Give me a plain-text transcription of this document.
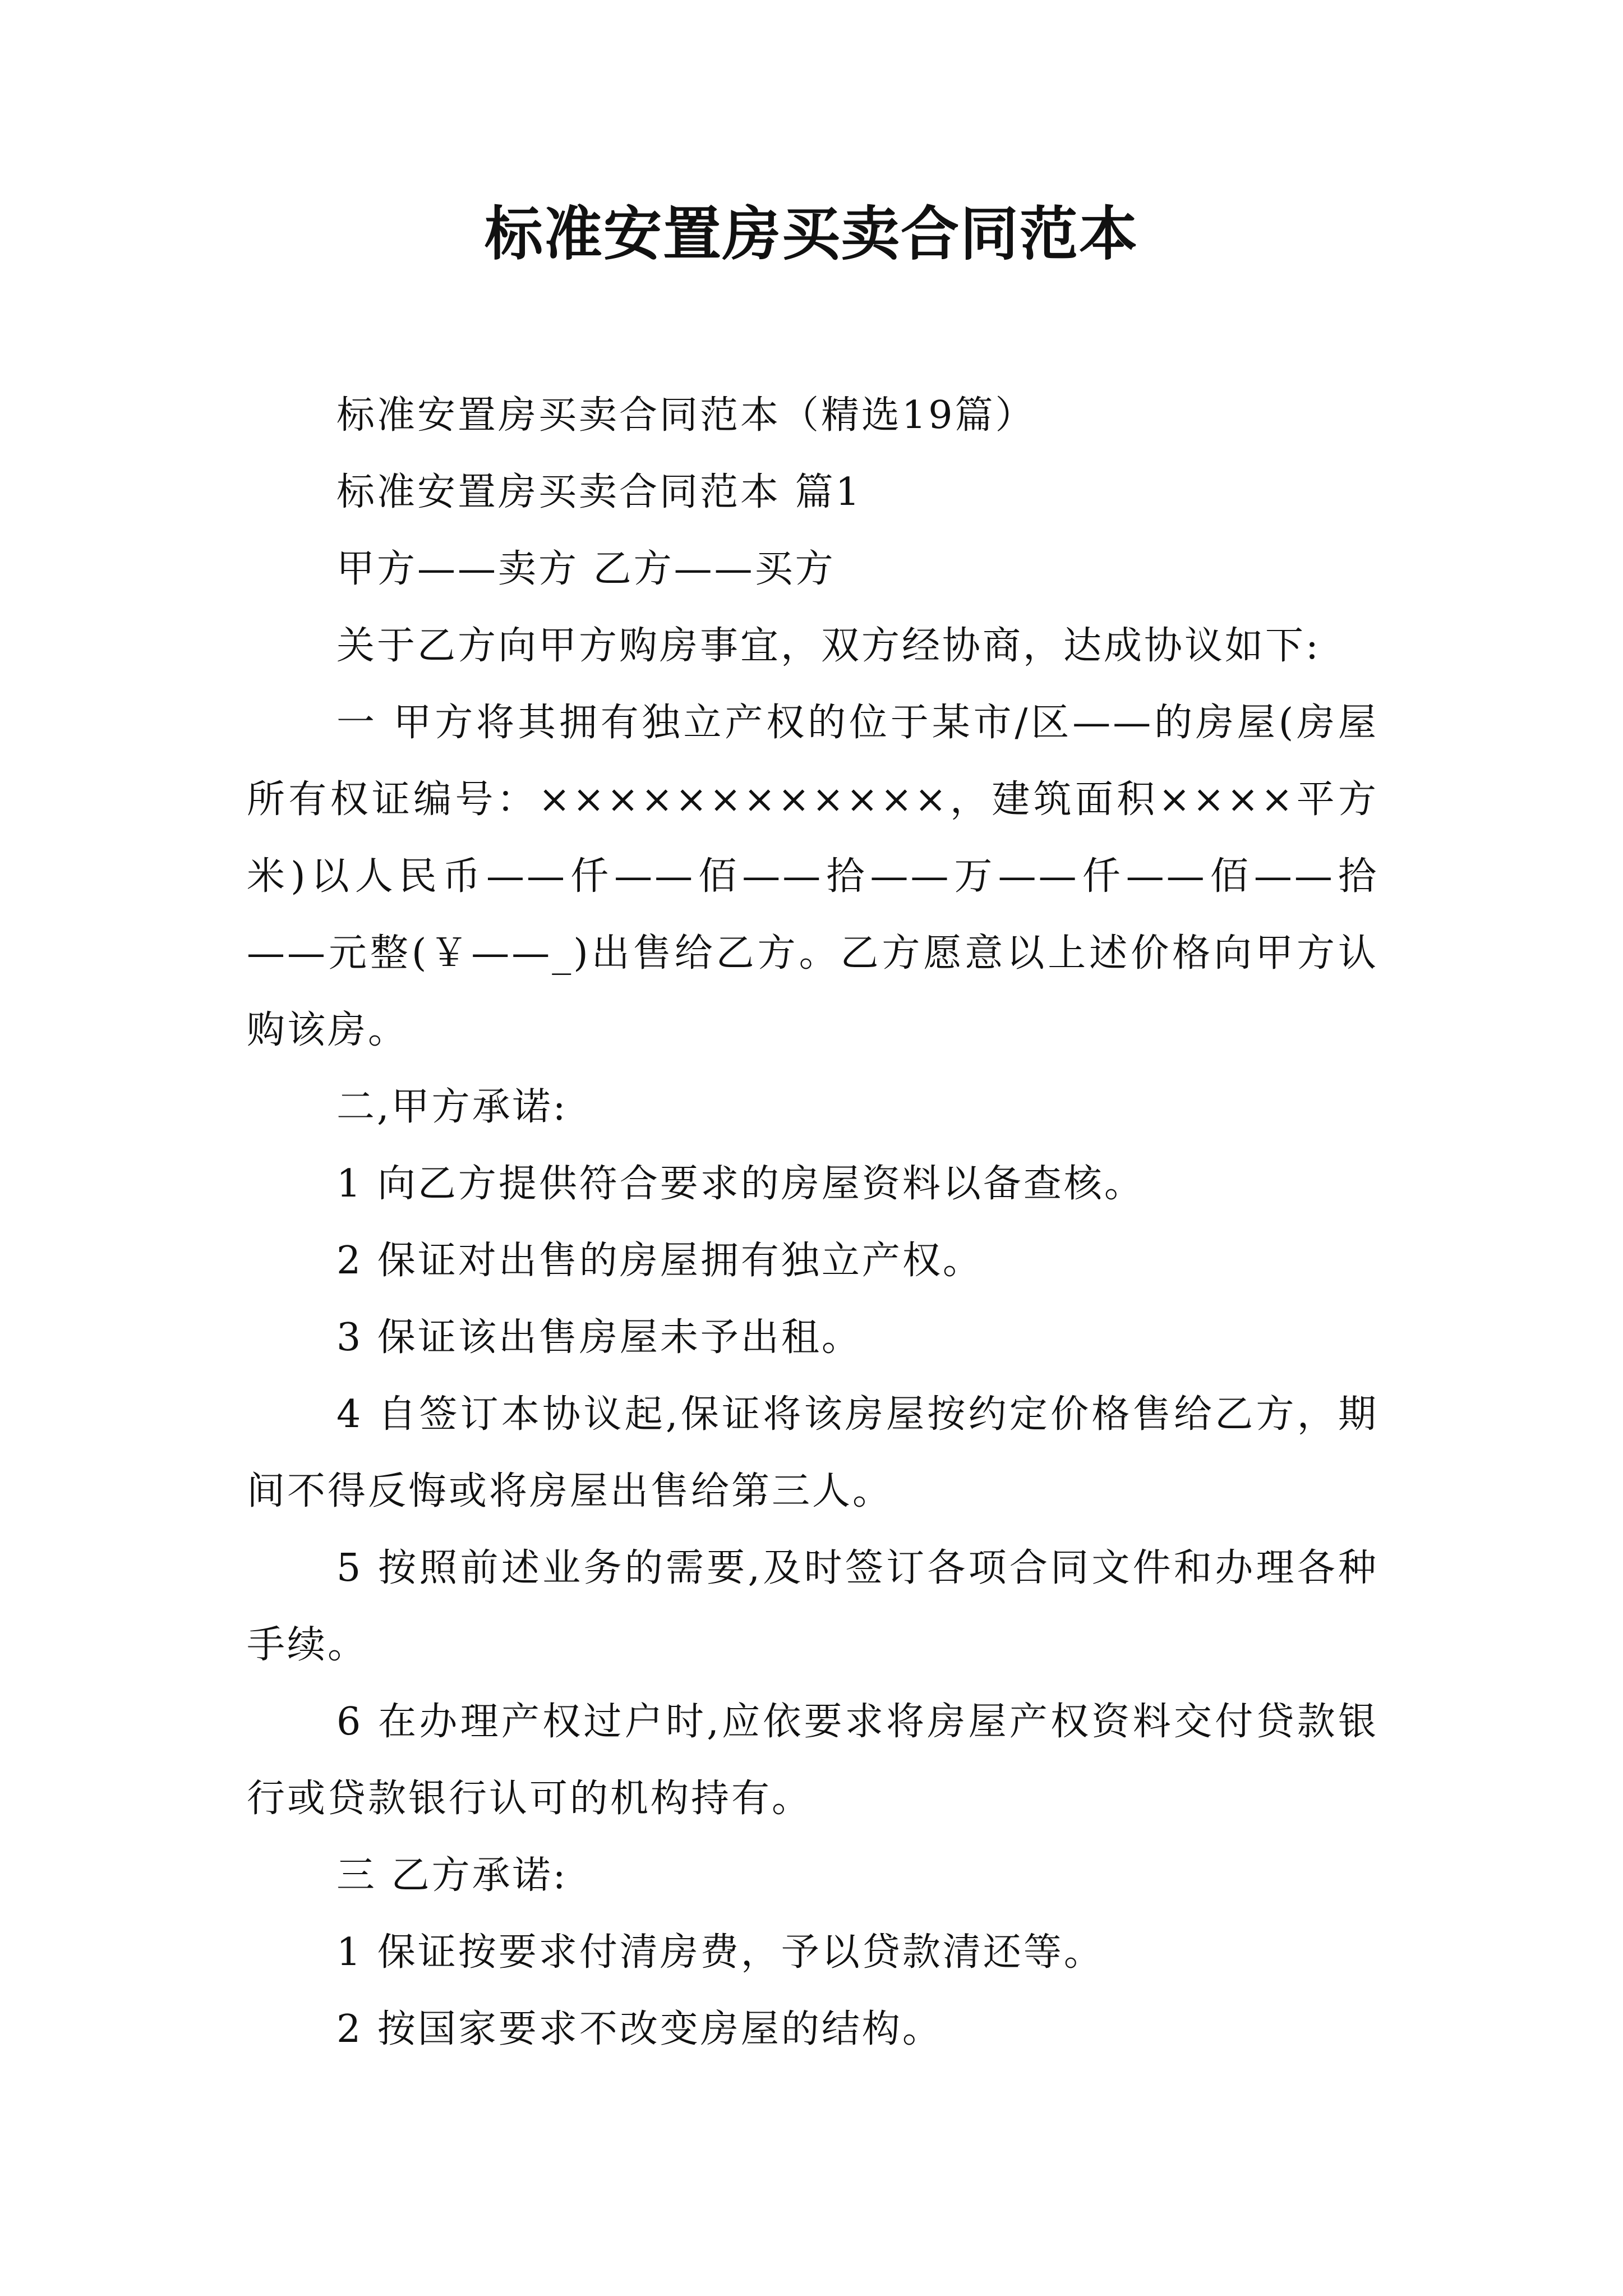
标准安置房买卖合同范本

标准安置房买卖合同范本（精选19篇）

标准安置房买卖合同范本 篇1

甲方——卖方 乙方——买方

关于乙方向甲方购房事宜，双方经协商，达成协议如下:

一 甲方将其拥有独立产权的位于某市/区——的房屋(房屋所有权证编号：××××××××××××，建筑面积××××平方米)以人民币——仟——佰——拾——万——仟——佰——拾——元整(￥——_)出售给乙方。乙方愿意以上述价格向甲方认购该房。

二,甲方承诺:

1 向乙方提供符合要求的房屋资料以备查核。

2 保证对出售的房屋拥有独立产权。

3 保证该出售房屋未予出租。

4 自签订本协议起,保证将该房屋按约定价格售给乙方，期间不得反悔或将房屋出售给第三人。

5 按照前述业务的需要,及时签订各项合同文件和办理各种手续。

6 在办理产权过户时,应依要求将房屋产权资料交付贷款银行或贷款银行认可的机构持有。

三 乙方承诺:

1 保证按要求付清房费，予以贷款清还等。

2 按国家要求不改变房屋的结构。
